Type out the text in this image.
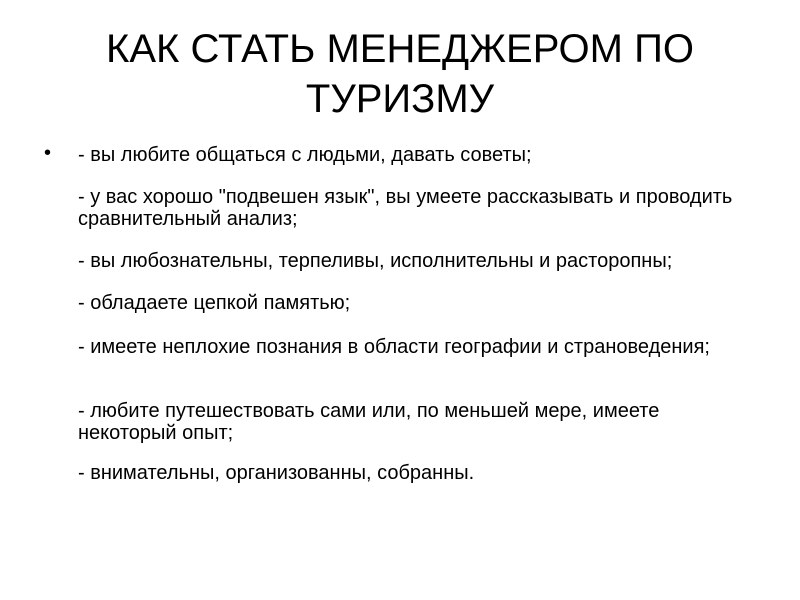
КАК СТАТЬ МЕНЕДЖЕРОМ ПО ТУРИЗМУ
• - вы любите общаться с людьми, давать советы;

- у вас хорошо "подвешен язык", вы умеете рассказывать и проводить сравнительный анализ;

- вы любознательны, терпеливы, исполнительны и расторопны;

- обладаете цепкой памятью;

- имеете неплохие познания в области географии и страноведения;

- любите путешествовать сами или, по меньшей мере, имеете некоторый опыт;

- внимательны, организованны, собранны.
